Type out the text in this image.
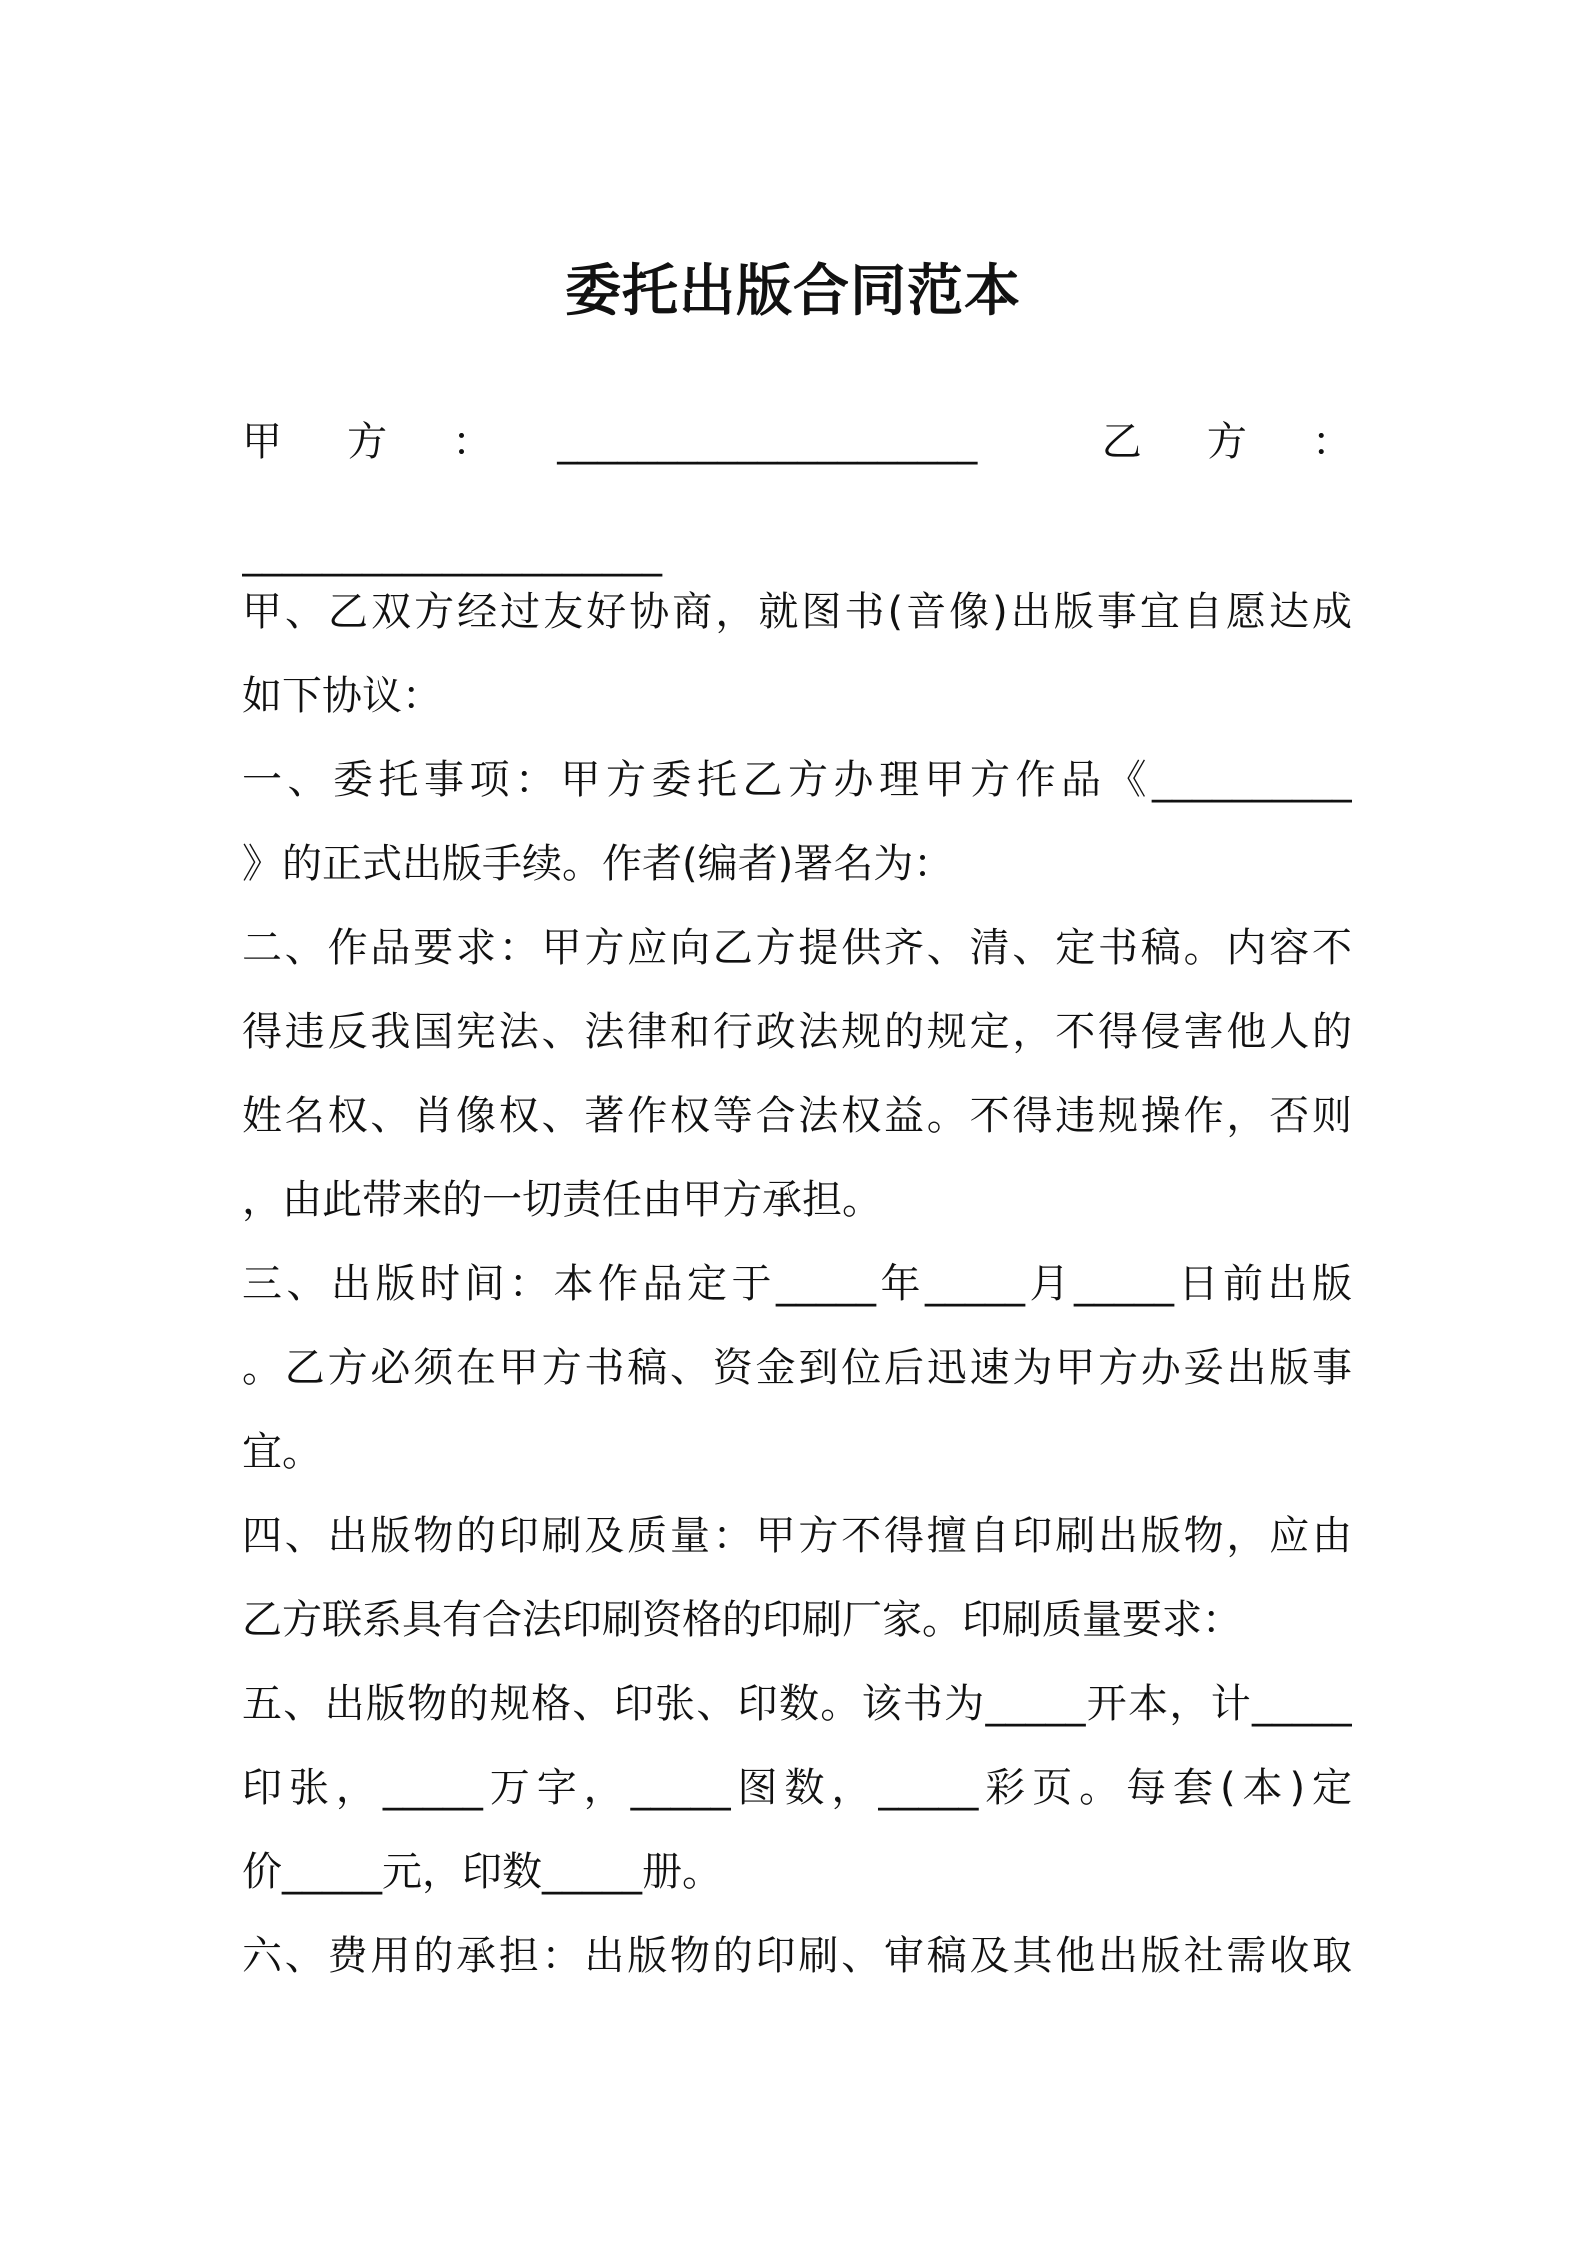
委托出版合同范本
甲    方    ：    _____________________        乙    方    ：
_____________________
甲、乙双方经过友好协商，就图书(音像)出版事宜自愿达成
如下协议：
一、委托事项：甲方委托乙方办理甲方作品《__________
》的正式出版手续。作者(编者)署名为：
二、作品要求：甲方应向乙方提供齐、清、定书稿。内容不
得违反我国宪法、法律和行政法规的规定，不得侵害他人的
姓名权、肖像权、著作权等合法权益。不得违规操作，否则
，由此带来的一切责任由甲方承担。
三、出版时间：本作品定于_____年_____月_____日前出版
。乙方必须在甲方书稿、资金到位后迅速为甲方办妥出版事
宜。
四、出版物的印刷及质量：甲方不得擅自印刷出版物，应由
乙方联系具有合法印刷资格的印刷厂家。印刷质量要求：
五、出版物的规格、印张、印数。该书为_____开本，计_____
印张，_____万字，_____图数，_____彩页。每套(本)定
价_____元，印数_____册。
六、费用的承担：出版物的印刷、审稿及其他出版社需收取
